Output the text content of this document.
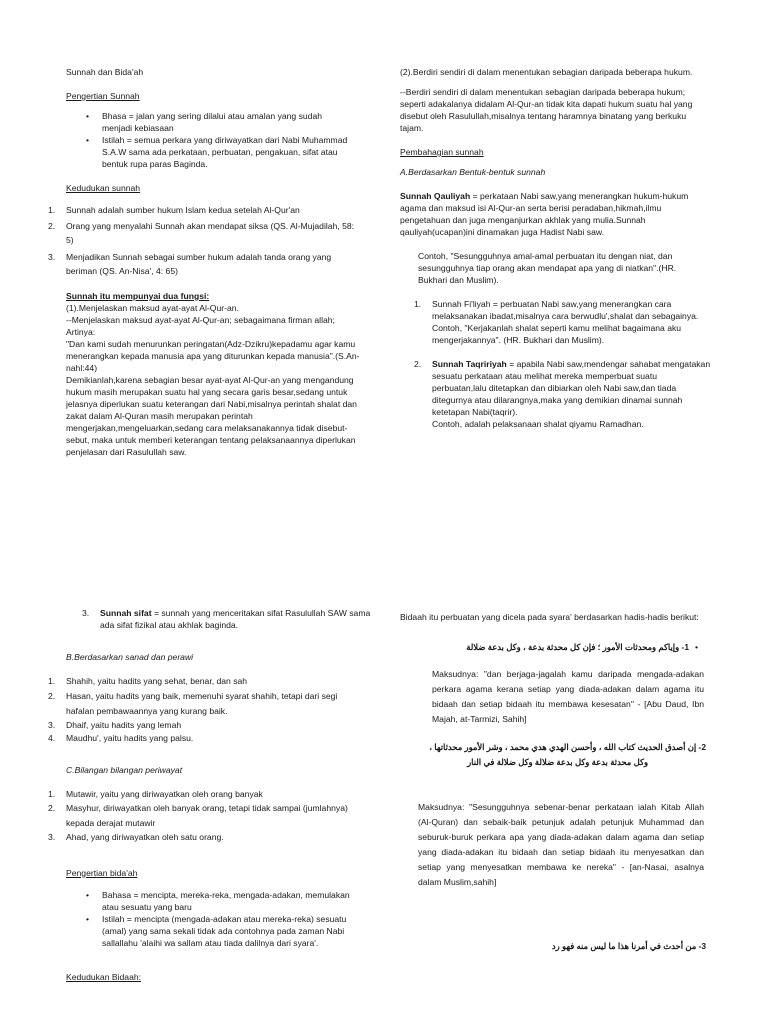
Sunnah dan Bida'ah

Pengertian Sunnah

• Bhasa = jalan yang sering dilalui atau amalan yang sudah menjadi kebiasaan
• Istilah = semua perkara yang diriwayatkan dari Nabi Muhammad S.A.W sama ada perkataan, perbuatan, pengakuan, sifat atau bentuk rupa paras Baginda.

Kedudukan sunnah

1. Sunnah adalah sumber hukum Islam kedua setelah Al-Qur'an
2. Orang yang menyalahi Sunnah akan mendapat siksa (QS. Al-Mujadilah, 58: 5)
3. Menjadikan Sunnah sebagai sumber hukum adalah tanda orang yang beriman (QS. An-Nisa', 4: 65)

Sunnah itu mempunyai dua fungsi:

(1).Menjelaskan maksud ayat-ayat Al-Qur-an.

--Menjelaskan maksud ayat-ayat Al-Qur-an; sebagaimana firman allah; Artinya:

"Dan kami sudah menurunkan peringatan(Adz-Dzikru)kepadamu agar kamu menerangkan kepada manusia apa yang diturunkan kepada manusia".(S.An-nahl:44)

Demikianlah,karena sebagian besar ayat-ayat Al-Qur-an yang mengandung hukum masih merupakan suatu hal yang secara garis besar,sedang untuk jelasnya diperlukan suatu keterangan dari Nabi,misalnya perintah shalat dan zakat dalam Al-Quran masih merupakan perintah mengerjakan,mengeluarkan,sedang cara melaksanakannya tidak disebut-sebut, maka untuk memberi keterangan tentang pelaksanaannya diperlukan penjelasan dari Rasulullah saw.

(2).Berdiri sendiri di dalam menentukan sebagian daripada beberapa hukum.

--Berdiri sendiri di dalam menentukan sebagian daripada beberapa hukum; seperti adakalanya didalam Al-Qur-an tidak kita dapati hukum suatu hal yang disebut oleh Rasulullah,misalnya tentang haramnya binatang yang berkuku tajam.

Pembahagian sunnah

A.Berdasarkan Bentuk-bentuk sunnah

Sunnah Qauliyah = perkataan Nabi saw,yang menerangkan hukum-hukum agama dan maksud isi Al-Qur-an serta berisi peradaban,hikmah,ilmu pengetahuan dan juga menganjurkan akhlak yang mulia.Sunnah qauliyah(ucapan)ini dinamakan juga Hadist Nabi saw.

Contoh, "Sesungguhnya amal-amal perbuatan itu dengan niat, dan sesungguhnya tiap orang akan mendapat apa yang di niatkan".(HR. Bukhari dan Muslim).

1. Sunnah Fi'liyah = perbuatan Nabi saw,yang menerangkan cara melaksanakan ibadat,misalnya cara berwudlu',shalat dan sebagainya.

Contoh, "Kerjakanlah shalat seperti kamu melihat bagaimana aku mengerjakannya". (HR. Bukhari dan Muslim).

2. Sunnah Taqririyah = apabila Nabi saw,mendengar sahabat mengatakan sesuatu perkataan atau melihat mereka memperbuat suatu perbuatan,lalu ditetapkan dan dibiarkan oleh Nabi saw,dan tiada ditegurnya atau dilarangnya,maka yang demikian dinamai sunnah ketetapan Nabi(taqrir).

Contoh, adalah pelaksanaan shalat qiyamu Ramadhan.

3. Sunnah sifat = sunnah yang menceritakan sifat Rasulullah SAW sama ada sifat fizikal atau akhlak baginda.

B.Berdasarkan sanad dan perawi

1. Shahih, yaitu hadits yang sehat, benar, dan sah
2. Hasan, yaitu hadits yang baik, memenuhi syarat shahih, tetapi dari segi hafalan pembawaannya yang kurang baik.
3. Dhaif, yaitu hadits yang lemah
4. Maudhu', yaitu hadits yang palsu.

C.Bilangan bilangan periwayat

1. Mutawir, yaitu yang diriwayatkan oleh orang banyak
2. Masyhur, diriwayatkan oleh banyak orang, tetapi tidak sampai (jumlahnya) kepada derajat mutawir
3. Ahad, yang diriwayatkan oleh satu orang.

Pengertian bida'ah

• Bahasa = mencipta, mereka-reka, mengada-adakan, memulakan atau sesuatu yang baru
• Istilah = mencipta (mengada-adakan atau mereka-reka) sesuatu (amal) yang sama sekali tidak ada contohnya pada zaman Nabi sallallahu 'alaihi wa sallam atau tiada dalilnya dari syara'.

Kedudukan Bidaah:

Bidaah itu perbuatan yang dicela pada syara' berdasarkan hadis-hadis berikut:

1- وإياكم ومحدثات الأمور ؛ فإن كل محدثة بدعة ، وكل بدعة ضلالة •

Maksudnya: "dan berjaga-jagalah kamu daripada mengada-adakan perkara agama kerana setiap yang diada-adakan dalam agama itu bidaah dan setiap bidaah itu membawa kesesatan" - [Abu Daud, Ibn Majah, at-Tarmizi, Sahih]

2- إن أصدق الحديث كتاب الله ، وأحسن الهدي هدي محمد ، وشر الأمور محدثاتها ،

وكل محدثة بدعة وكل بدعة ضلالة وكل ضلالة في النار

Maksudnya: "Sesungguhnya sebenar-benar perkataan ialah Kitab Allah (Al-Quran) dan sebaik-baik petunjuk adalah petunjuk Muhammad dan seburuk-buruk perkara apa yang diada-adakan dalam agama dan setiap yang diada-adakan itu bidaah dan setiap bidaah itu menyesatkan dan setiap yang menyesatkan membawa ke nereka" - [an-Nasai, asalnya dalam Muslim,sahih]

3- من أحدث في أمرنا هذا ما ليس منه فهو رد
